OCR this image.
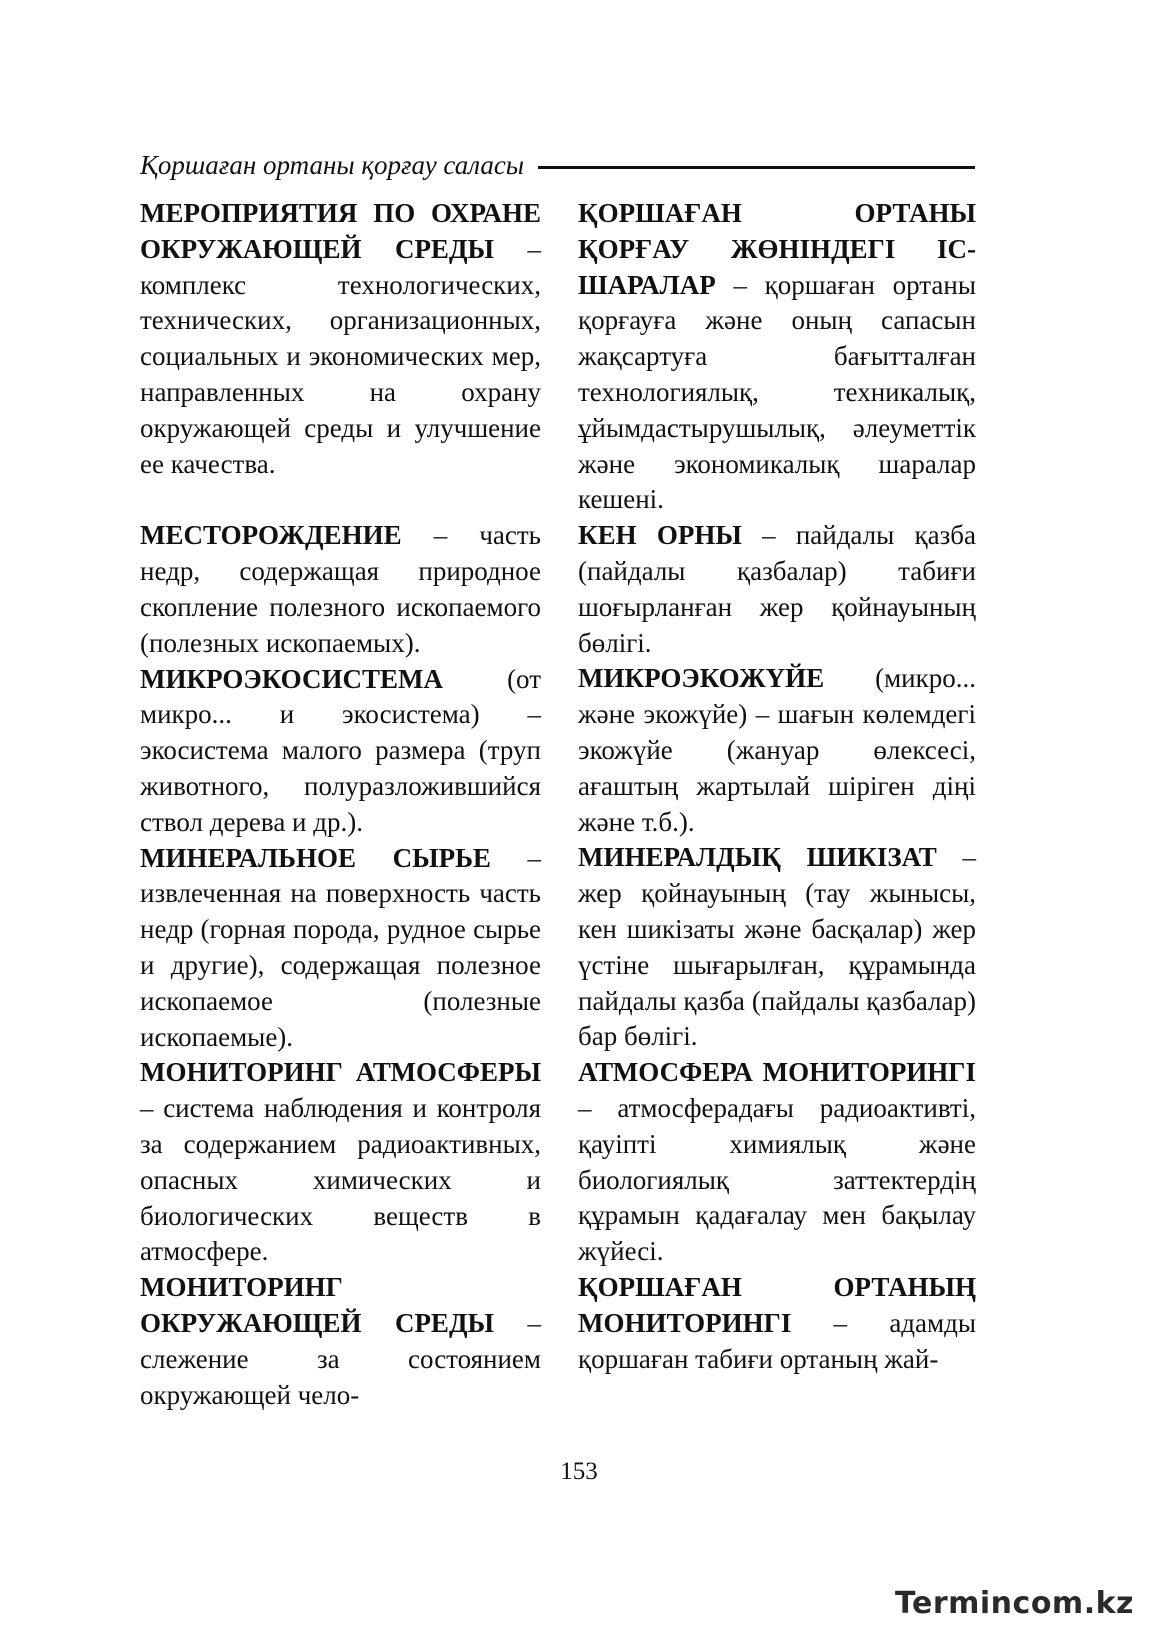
Қоршаған ортаны қорғау саласы

МЕРОПРИЯТИЯ ПО ОХРАНЕ ОКРУЖАЮЩЕЙ СРЕДЫ – комплекс технологических, технических, организационных, социальных и экономических мер, направленных на охрану окружающей среды и улучшение ее качества.

МЕСТОРОЖДЕНИЕ – часть недр, содержащая природное скопление полезного ископаемого (полезных ископаемых).

МИКРОЭКОСИСТЕМА (от микро... и экосистема) – экосистема малого размера (труп животного, полуразложившийся ствол дерева и др.).

МИНЕРАЛЬНОЕ СЫРЬЕ – извлеченная на поверхность часть недр (горная порода, рудное сырье и другие), содержащая полезное ископаемое (полезные ископаемые).

МОНИТОРИНГ АТМОСФЕРЫ – система наблюдения и контроля за содержанием радиоактивных, опасных химических и биологических веществ в атмосфере.

МОНИТОРИНГ ОКРУЖАЮЩЕЙ СРЕДЫ – слежение за состоянием окружающей чело-

ҚОРШАҒАН ОРТАНЫ ҚОРҒАУ ЖӨНІНДЕГІ ІС-ШАРАЛАР – қоршаған ортаны қорғауға және оның сапасын жақсартуға бағытталған технологиялық, техникалық, ұйымдастырушылық, әлеуметтік және экономикалық шаралар кешені.

КЕН ОРНЫ – пайдалы қазба (пайдалы қазбалар) табиғи шоғырланған жер қойнауының бөлігі.

МИКРОЭКОЖҮЙЕ (микро... және экожүйе) – шағын көлемдегі экожүйе (жануар өлексесі, ағаштың жартылай шіріген діңі және т.б.).

МИНЕРАЛДЫҚ ШИКІЗАТ – жер қойнауының (тау жынысы, кен шикізаты және басқалар) жер үстіне шығарылған, құрамында пайдалы қазба (пайдалы қазбалар) бар бөлігі.

АТМОСФЕРА МОНИТОРИНГІ – атмосферадағы радиоактивті, қауіпті химиялық және биологиялық заттектердің құрамын қадағалау мен бақылау жүйесі.

ҚОРШАҒАН ОРТАНЫҢ МОНИТОРИНГІ – адамды қоршаған табиғи ортаның жай-

153
Termincom.kz
